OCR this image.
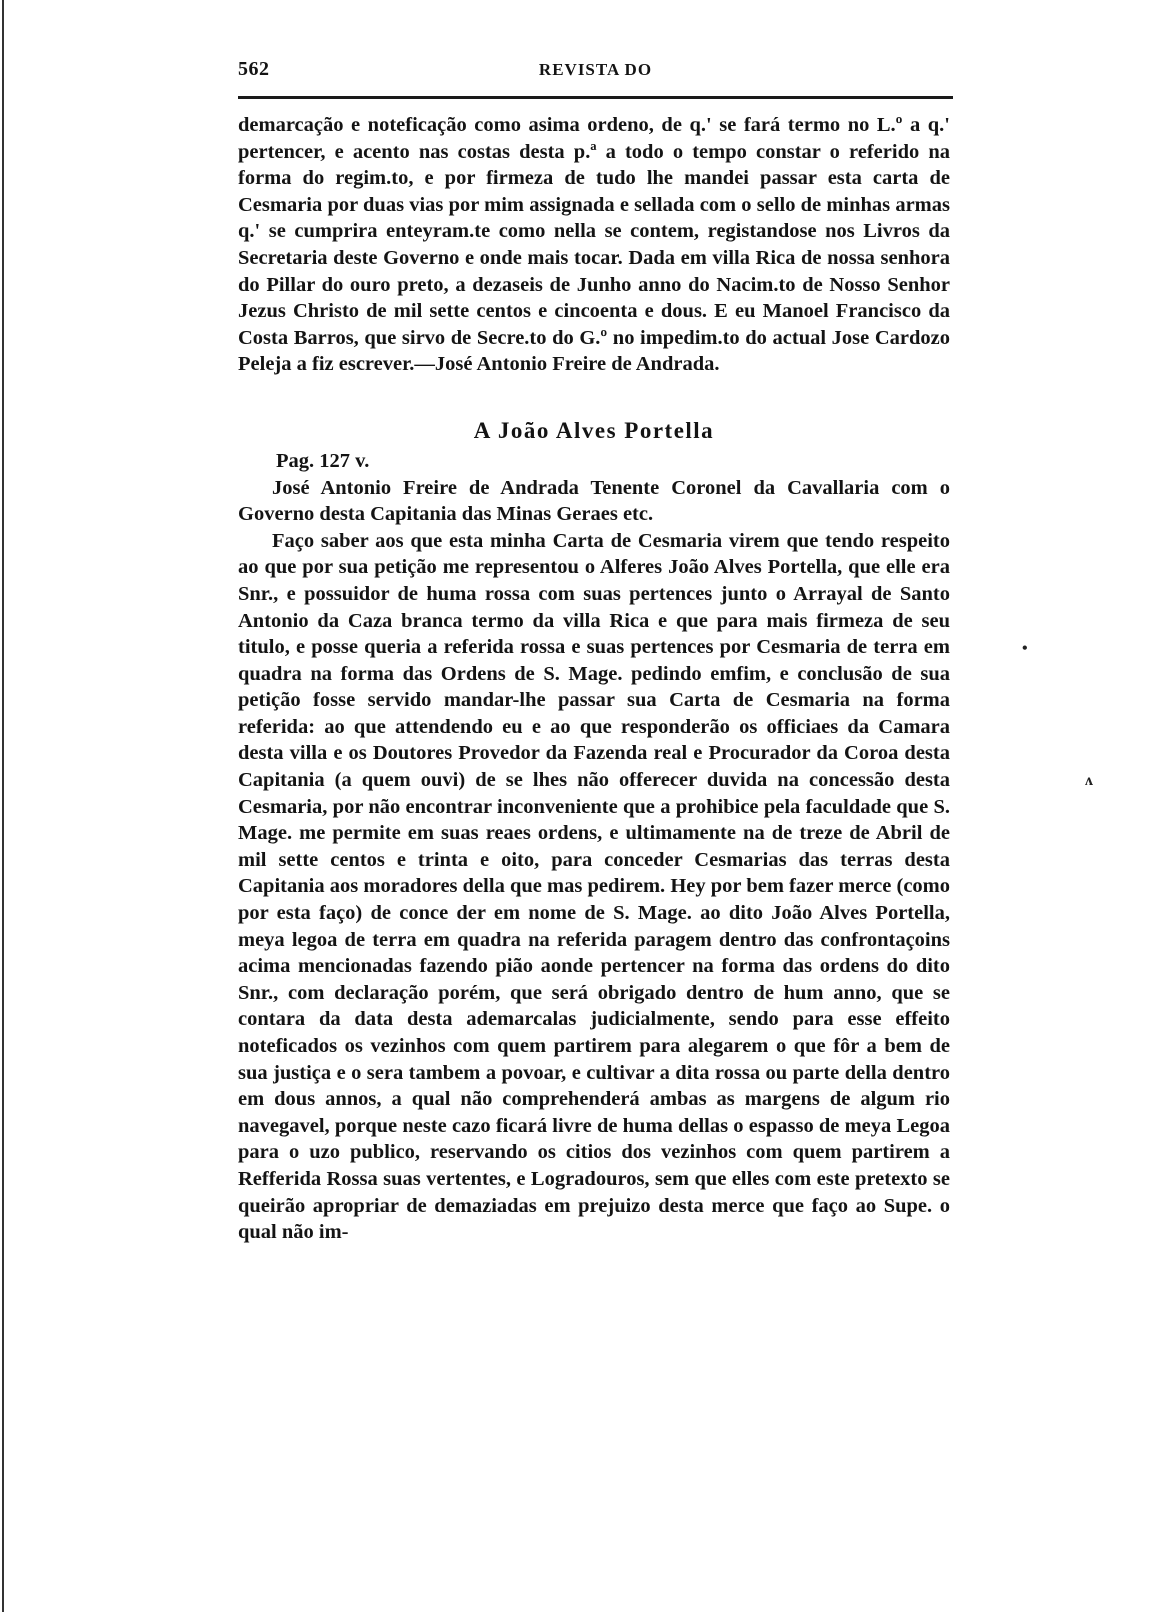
562	REVISTA DO

demarcação e noteficação como asima ordeno, de q.' se fará termo no L.º a q.' pertencer, e acento nas costas desta p.ª a todo o tempo constar o referido na forma do regim.to, e por firmeza de tudo lhe mandei passar esta carta de Cesmaria por duas vias por mim assignada e sellada com o sello de minhas armas q.' se cumprira enteyram.te como nella se contem, registandose nos Livros da Secretaria deste Governo e onde mais tocar. Dada em villa Rica de nossa senhora do Pillar do ouro preto, a dezaseis de Junho anno do Nacim.to de Nosso Senhor Jezus Christo de mil sette centos e cincoenta e dous. E eu Manoel Francisco da Costa Barros, que sirvo de Secre.to do G.º no impedim.to do actual Jose Cardozo Peleja a fiz escrever.—José Antonio Freire de Andrada.

A João Alves Portella

Pag. 127 v.

José Antonio Freire de Andrada Tenente Coronel da Cavallaria com o Governo desta Capitania das Minas Geraes etc.

Faço saber aos que esta minha Carta de Cesmaria virem que tendo respeito ao que por sua petição me representou o Alferes João Alves Portella, que elle era Snr., e possuidor de huma rossa com suas pertences junto o Arrayal de Santo Antonio da Caza branca termo da villa Rica e que para mais firmeza de seu titulo, e posse queria a referida rossa e suas pertences por Cesmaria de terra em quadra na forma das Ordens de S. Mage. pedindo emfim, e conclusão de sua petição fosse servido mandar-lhe passar sua Carta de Cesmaria na forma referida: ao que attendendo eu e ao que responderão os officiaes da Camara desta villa e os Doutores Provedor da Fazenda real e Procurador da Coroa desta Capitania (a quem ouvi) de se lhes não offerecer duvida na concessão desta Cesmaria, por não encontrar inconveniente que a prohibice pela faculdade que S. Mage. me permite em suas reaes ordens, e ultimamente na de treze de Abril de mil sette centos e trinta e oito, para conceder Cesmarias das terras desta Capitania aos moradores della que mas pedirem. Hey por bem fazer merce (como por esta faço) de conce der em nome de S. Mage. ao dito João Alves Portella, meya legoa de terra em quadra na referida paragem dentro das confrontaçoins acima mencionadas fazendo pião aonde pertencer na forma das ordens do dito Snr., com declaração porém, que será obrigado dentro de hum anno, que se contara da data desta ademarcalas judicialmente, sendo para esse effeito noteficados os vezinhos com quem partirem para alegarem o que fôr a bem de sua justiça e o sera tambem a povoar, e cultivar a dita rossa ou parte della dentro em dous annos, a qual não comprehenderá ambas as margens de algum rio navegavel, porque neste cazo ficará livre de huma dellas o espasso de meya Legoa para o uzo publico, reservando os citios dos vezinhos com quem partirem a Refferida Rossa suas vertentes, e Logradouros, sem que elles com este pretexto se queirão apropriar de demaziadas em prejuizo desta merce que faço ao Supe. o qual não im-

•
ʌ
